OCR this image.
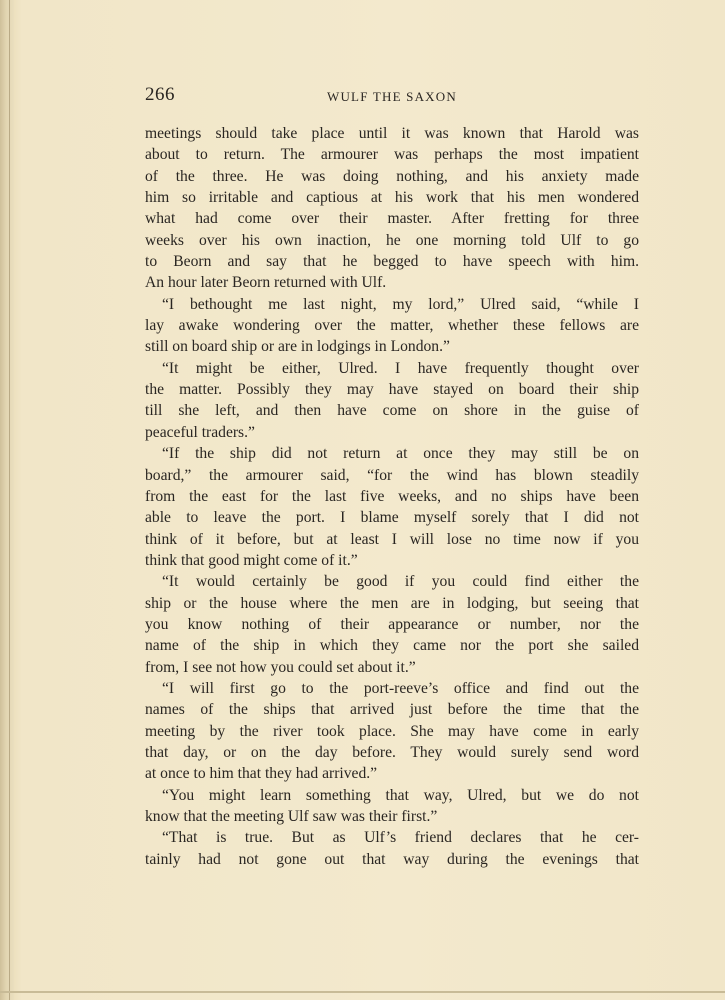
266	WULF THE SAXON
meetings should take place until it was known that Harold was
about to return. The armourer was perhaps the most impatient
of the three. He was doing nothing, and his anxiety made
him so irritable and captious at his work that his men wondered
what had come over their master. After fretting for three
weeks over his own inaction, he one morning told Ulf to go
to Beorn and say that he begged to have speech with him.
An hour later Beorn returned with Ulf.
“I bethought me last night, my lord,” Ulred said, “while I
lay awake wondering over the matter, whether these fellows are
still on board ship or are in lodgings in London.”
“It might be either, Ulred. I have frequently thought over
the matter. Possibly they may have stayed on board their ship
till she left, and then have come on shore in the guise of
peaceful traders.”
“If the ship did not return at once they may still be on
board,” the armourer said, “for the wind has blown steadily
from the east for the last five weeks, and no ships have been
able to leave the port. I blame myself sorely that I did not
think of it before, but at least I will lose no time now if you
think that good might come of it.”
“It would certainly be good if you could find either the
ship or the house where the men are in lodging, but seeing that
you know nothing of their appearance or number, nor the
name of the ship in which they came nor the port she sailed
from, I see not how you could set about it.”
“I will first go to the port-reeve’s office and find out the
names of the ships that arrived just before the time that the
meeting by the river took place. She may have come in early
that day, or on the day before. They would surely send word
at once to him that they had arrived.”
“You might learn something that way, Ulred, but we do not
know that the meeting Ulf saw was their first.”
“That is true. But as Ulf’s friend declares that he cer-
tainly had not gone out that way during the evenings that
